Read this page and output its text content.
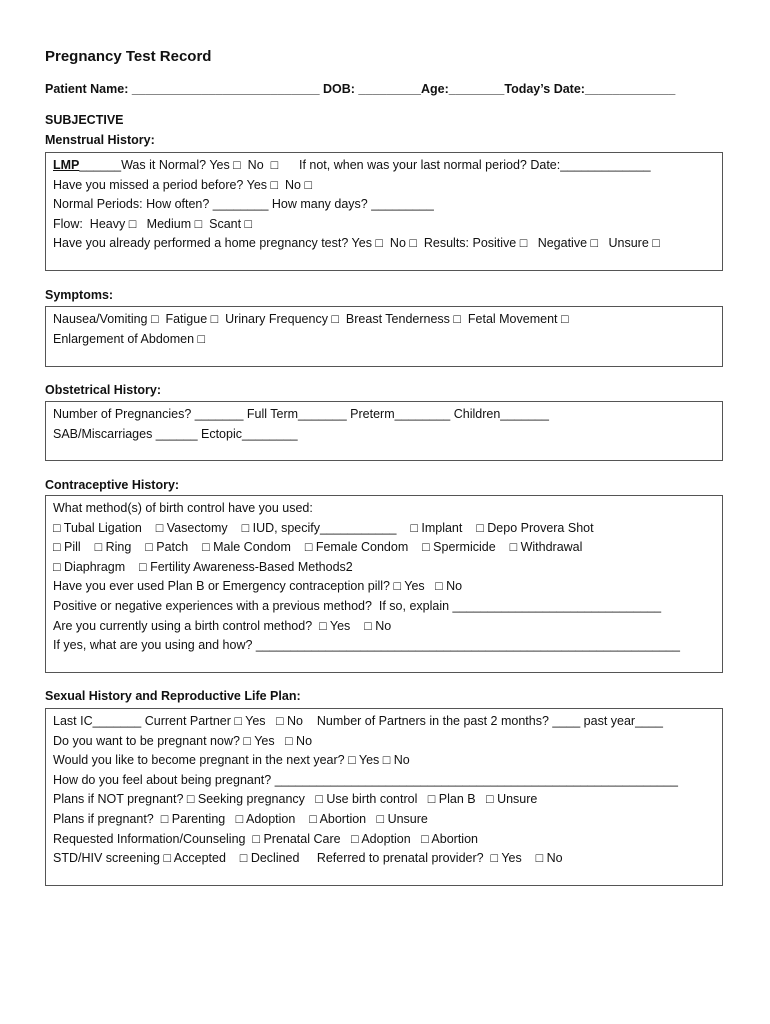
Pregnancy Test Record
Patient Name: ___________________________ DOB: _________Age:________Today’s Date:_____________
SUBJECTIVE
Menstrual History:
LMP______Was it Normal? Yes □  No  □      If not, when was your last normal period? Date:_____________
Have you missed a period before? Yes □  No □
Normal Periods: How often? ________ How many days? _________
Flow:  Heavy □   Medium □  Scant □
Have you already performed a home pregnancy test? Yes □  No □  Results: Positive □   Negative □   Unsure □
Symptoms:
Nausea/Vomiting □  Fatigue □  Urinary Frequency □  Breast Tenderness □  Fetal Movement □
Enlargement of Abdomen □
Obstetrical History:
Number of Pregnancies? _______ Full Term_______ Preterm________ Children_______
SAB/Miscarriages ______ Ectopic________
Contraceptive History:
What method(s) of birth control have you used:
□ Tubal Ligation    □ Vasectomy    □ IUD, specify___________    □ Implant    □ Depo Provera Shot
□ Pill    □ Ring    □ Patch    □ Male Condom    □ Female Condom    □ Spermicide    □ Withdrawal
□ Diaphragm    □ Fertility Awareness-Based Methods2
Have you ever used Plan B or Emergency contraception pill? □ Yes   □ No
Positive or negative experiences with a previous method?  If so, explain ______________________________
Are you currently using a birth control method?  □ Yes    □ No
If yes, what are you using and how? _____________________________________________________________
Sexual History and Reproductive Life Plan:
Last IC_______ Current Partner □ Yes   □ No    Number of Partners in the past 2 months? ____ past year____
Do you want to be pregnant now? □ Yes   □ No
Would you like to become pregnant in the next year? □ Yes □ No
How do you feel about being pregnant? __________________________________________________________
Plans if NOT pregnant? □ Seeking pregnancy   □ Use birth control   □ Plan B   □ Unsure
Plans if pregnant?  □ Parenting   □ Adoption    □ Abortion   □ Unsure
Requested Information/Counseling  □ Prenatal Care   □ Adoption   □ Abortion
STD/HIV screening □ Accepted    □ Declined     Referred to prenatal provider?  □ Yes    □ No
